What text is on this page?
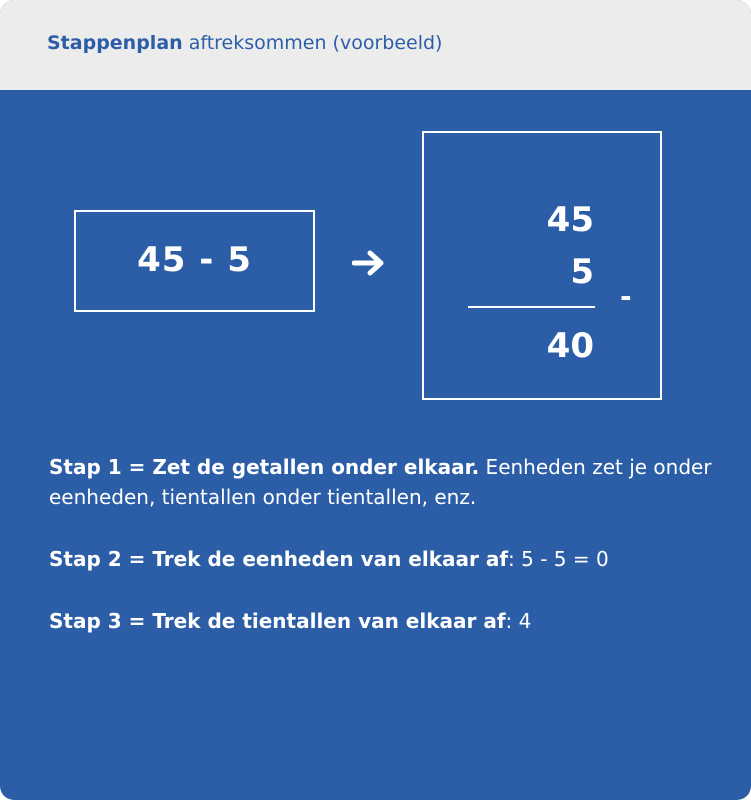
Stappenplan aftreksommen (voorbeeld)
45 - 5
45
5
-
40

Stap 1 = Zet de getallen onder elkaar. Eenheden zet je onder eenheden, tientallen onder tientallen, enz.

Stap 2 = Trek de eenheden van elkaar af: 5 - 5 = 0

Stap 3 = Trek de tientallen van elkaar af: 4
